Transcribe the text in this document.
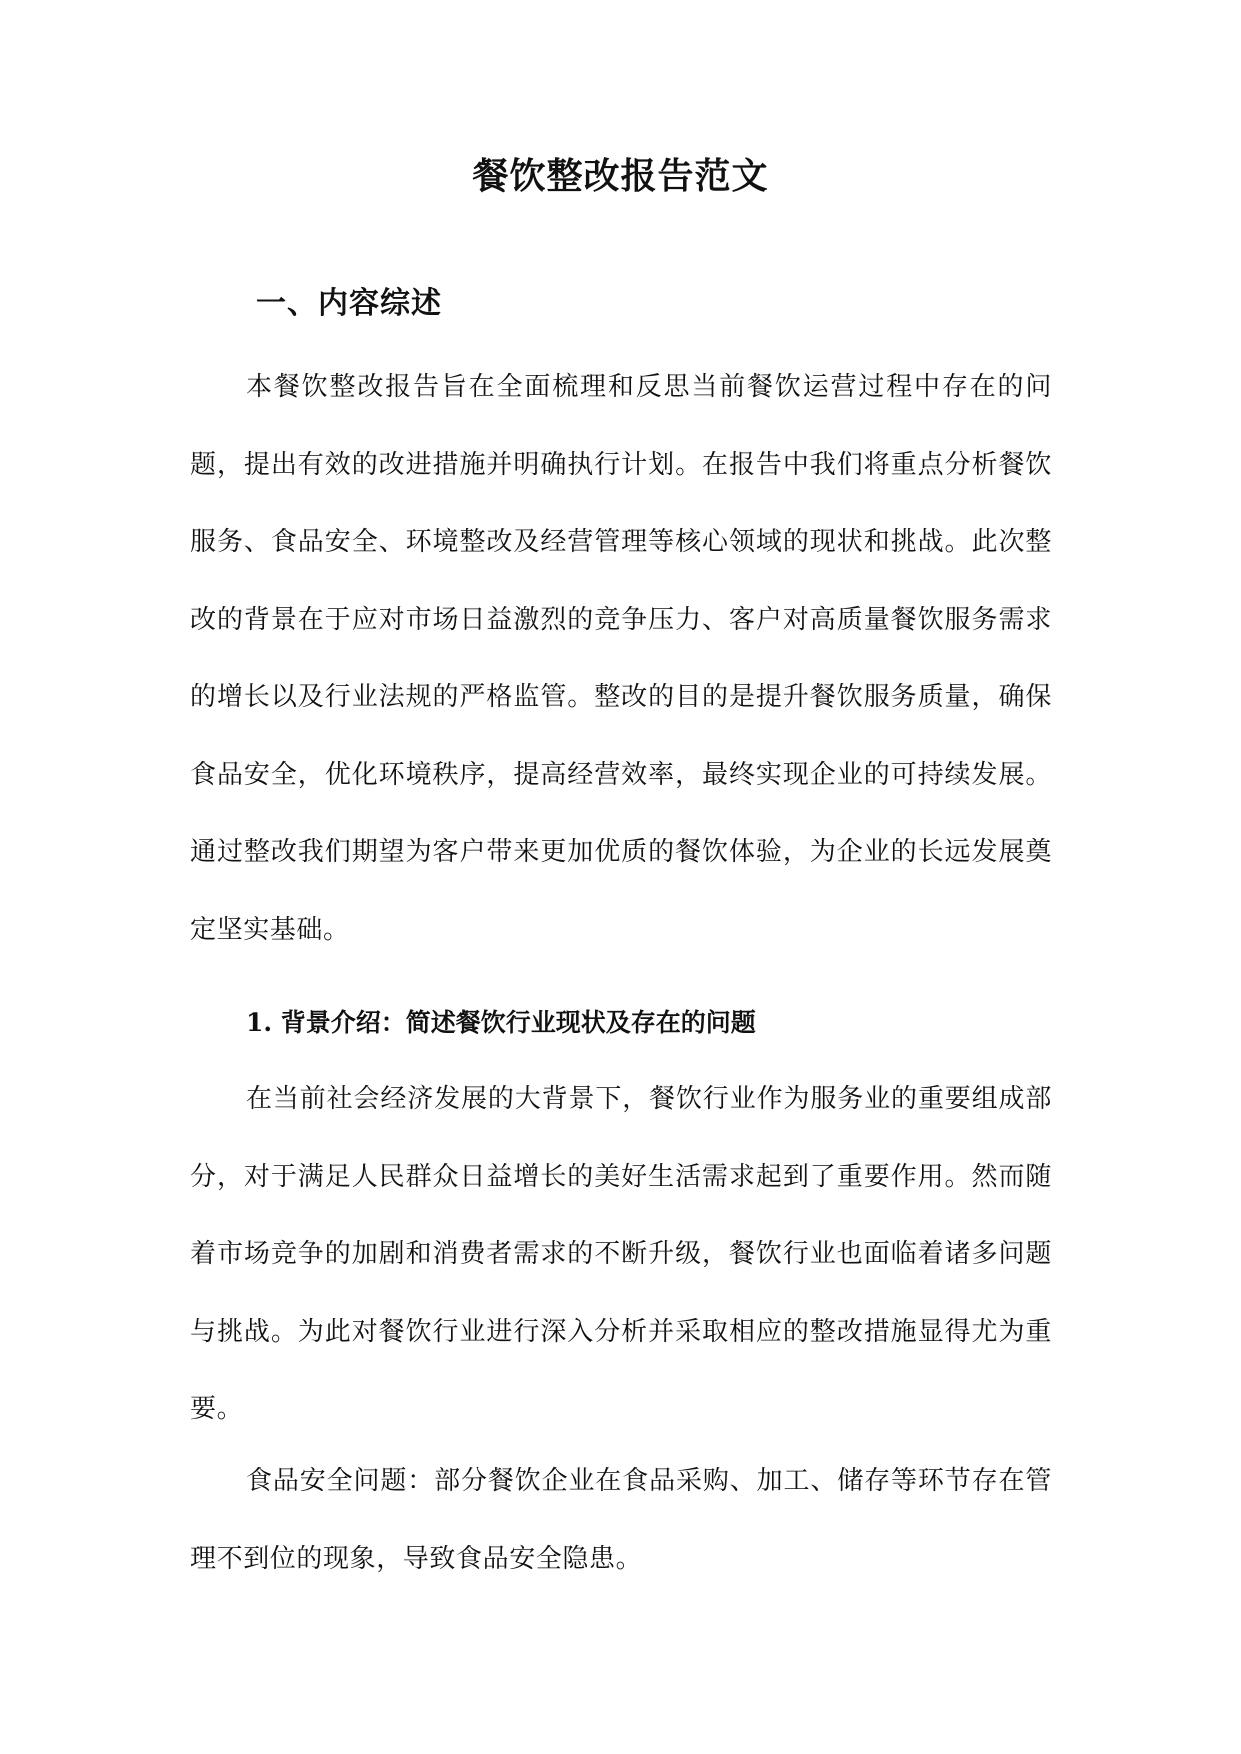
餐饮整改报告范文
一、内容综述

本餐饮整改报告旨在全面梳理和反思当前餐饮运营过程中存在的问题，提出有效的改进措施并明确执行计划。在报告中我们将重点分析餐饮服务、食品安全、环境整改及经营管理等核心领域的现状和挑战。此次整改的背景在于应对市场日益激烈的竞争压力、客户对高质量餐饮服务需求的增长以及行业法规的严格监管。整改的目的是提升餐饮服务质量，确保食品安全，优化环境秩序，提高经营效率，最终实现企业的可持续发展。通过整改我们期望为客户带来更加优质的餐饮体验，为企业的长远发展奠定坚实基础。

1. 背景介绍：简述餐饮行业现状及存在的问题

在当前社会经济发展的大背景下，餐饮行业作为服务业的重要组成部分，对于满足人民群众日益增长的美好生活需求起到了重要作用。然而随着市场竞争的加剧和消费者需求的不断升级，餐饮行业也面临着诸多问题与挑战。为此对餐饮行业进行深入分析并采取相应的整改措施显得尤为重要。

食品安全问题：部分餐饮企业在食品采购、加工、储存等环节存在管理不到位的现象，导致食品安全隐患。
